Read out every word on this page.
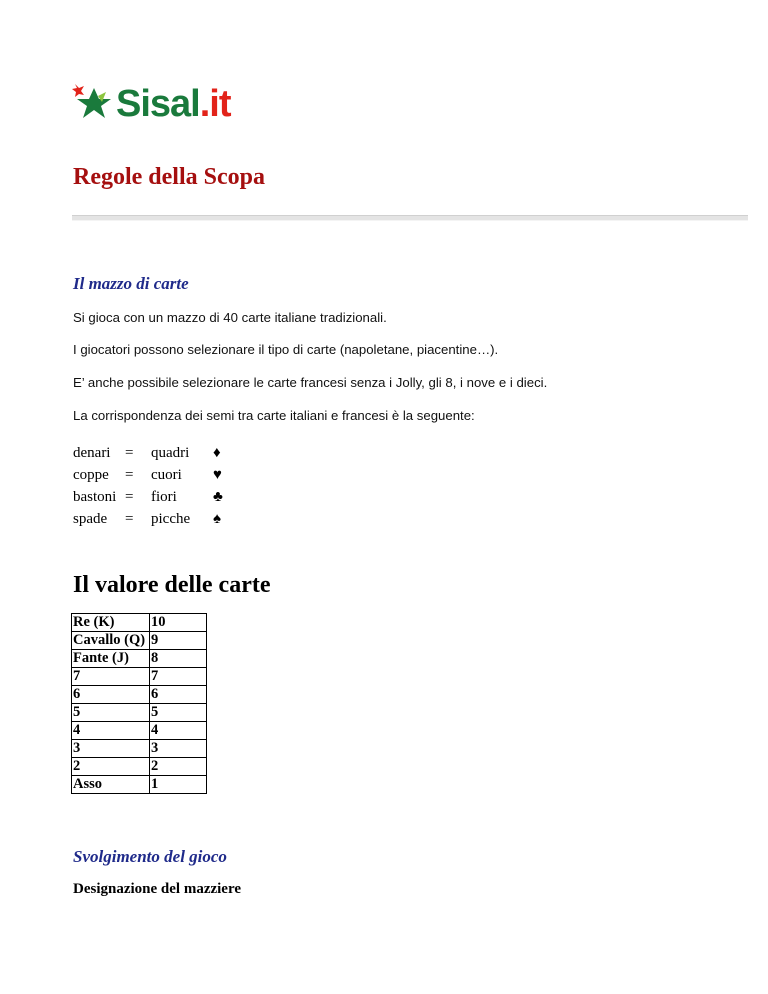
Sisal.it
Regole della Scopa
Il mazzo di carte

Si gioca con un mazzo di 40 carte italiane tradizionali.

I giocatori possono selezionare il tipo di carte (napoletane, piacentine…).

E’ anche possibile selezionare le carte francesi senza i Jolly, gli 8, i nove e i dieci.

La corrispondenza dei semi tra carte italiani e francesi è la seguente:

denari = quadri ♦
coppe = cuori ♥
bastoni = fiori ♣
spade = picche ♠
Il valore delle carte
Re (K)	10
Cavallo (Q)	9
Fante (J)	8
7	7
6	6
5	5
4	4
3	3
2	2
Asso	1
Svolgimento del gioco
Designazione del mazziere
